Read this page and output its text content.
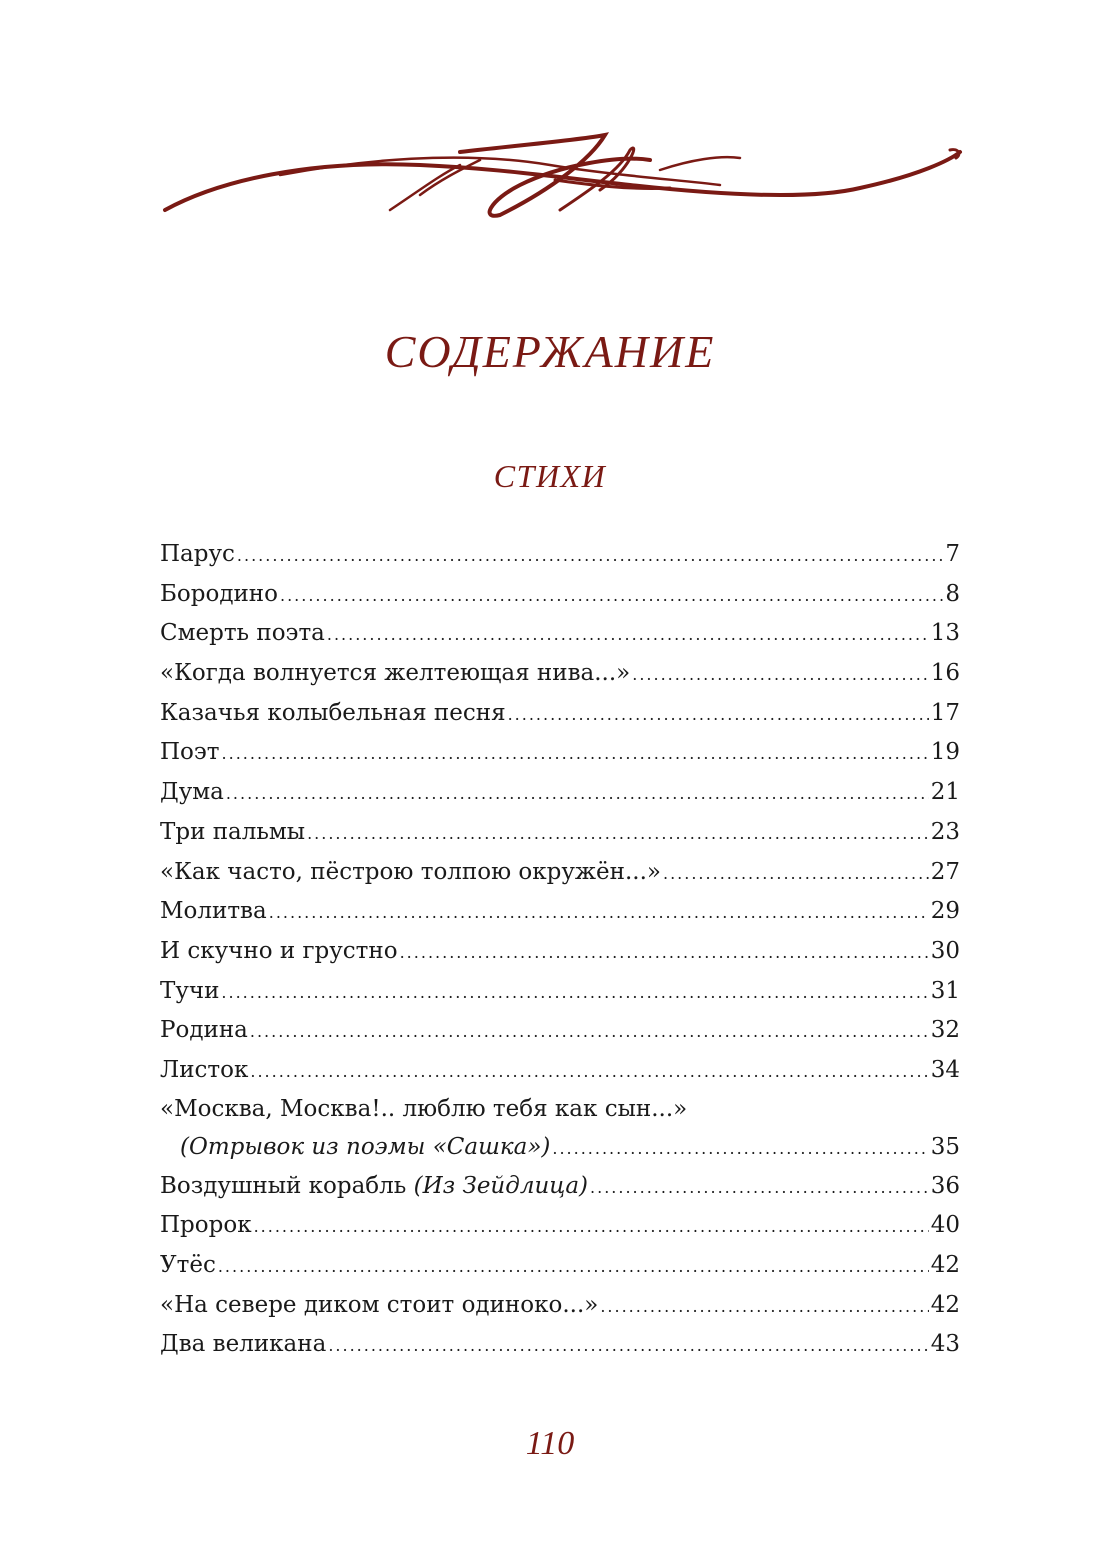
СОДЕРЖАНИЕ
СТИХИ
Парус .....	7
Бородино .....	8
Смерть поэта .....	13
«Когда волнуется желтеющая нива...» .....	16
Казачья колыбельная песня .....	17
Поэт .....	19
Дума .....	21
Три пальмы .....	23
«Как часто, пёстрою толпою окружён...» .....	27
Молитва .....	29
И скучно и грустно .....	30
Тучи .....	31
Родина .....	32
Листок .....	34
«Москва, Москва!.. люблю тебя как сын...»
(Отрывок из поэмы «Сашка») .....	35
Воздушный корабль (Из Зейдлица) .....	36
Пророк .....	40
Утёс .....	42
«На севере диком стоит одиноко...» .....	42
Два великана .....	43
110
